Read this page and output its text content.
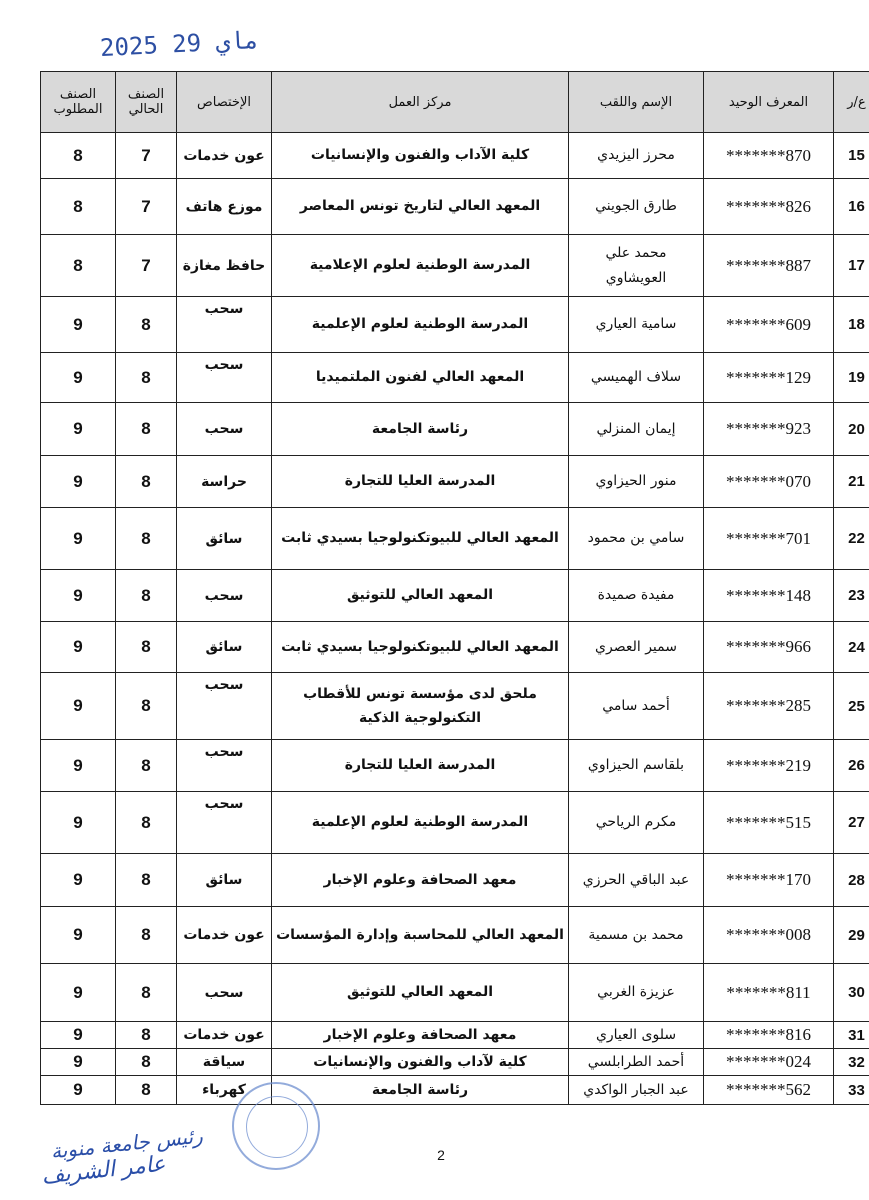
2025 ماي 29
ع/ر	المعرف الوحيد	الإسم واللقب	مركز العمل	الإختصاص	الصنف الحالي	الصنف المطلوب
15	*******870	محرز اليزيدي	كلية الآداب والفنون والإنسانيات	عون خدمات	7	8
16	*******826	طارق الجويني	المعهد العالي لتاريخ تونس المعاصر	موزع هاتف	7	8
17	*******887	محمد علي العويشاوي	المدرسة الوطنية لعلوم الإعلامية	حافظ مغازة	7	8
18	*******609	سامية العياري	المدرسة الوطنية لعلوم الإعلمية	سحب	8	9
19	*******129	سلاف الهميسي	المعهد العالي لفنون الملتميديا	سحب	8	9
20	*******923	إيمان المنزلي	رئاسة الجامعة	سحب	8	9
21	*******070	منور الحيزاوي	المدرسة العليا للتجارة	حراسة	8	9
22	*******701	سامي بن محمود	المعهد العالي للبيوتكنولوجيا بسيدي ثابت	سائق	8	9
23	*******148	مفيدة صميدة	المعهد العالي للتوثيق	سحب	8	9
24	*******966	سمير العصري	المعهد العالي للبيوتكنولوجيا بسيدي ثابت	سائق	8	9
25	*******285	أحمد سامي	ملحق لدى مؤسسة تونس للأقطاب التكنولوجية الذكية	سحب	8	9
26	*******219	بلقاسم الحيزاوي	المدرسة العليا للتجارة	سحب	8	9
27	*******515	مكرم الرياحي	المدرسة الوطنية لعلوم الإعلمية	سحب	8	9
28	*******170	عبد الباقي الحرزي	معهد الصحافة وعلوم الإخبار	سائق	8	9
29	*******008	محمد بن مسمية	المعهد العالي للمحاسبة وإدارة المؤسسات	عون خدمات	8	9
30	*******811	عزيزة الغربي	المعهد العالي للتوثيق	سحب	8	9
31	*******816	سلوى العياري	معهد الصحافة وعلوم الإخبار	عون خدمات	8	9
32	*******024	أحمد الطرابلسي	كلية لآداب والفنون والإنسانيات	سياقة	8	9
33	*******562	عبد الجبار الواكدي	رئاسة الجامعة	كهرباء	8	9
رئيس جامعة منوبة
عامر الشريف	2
